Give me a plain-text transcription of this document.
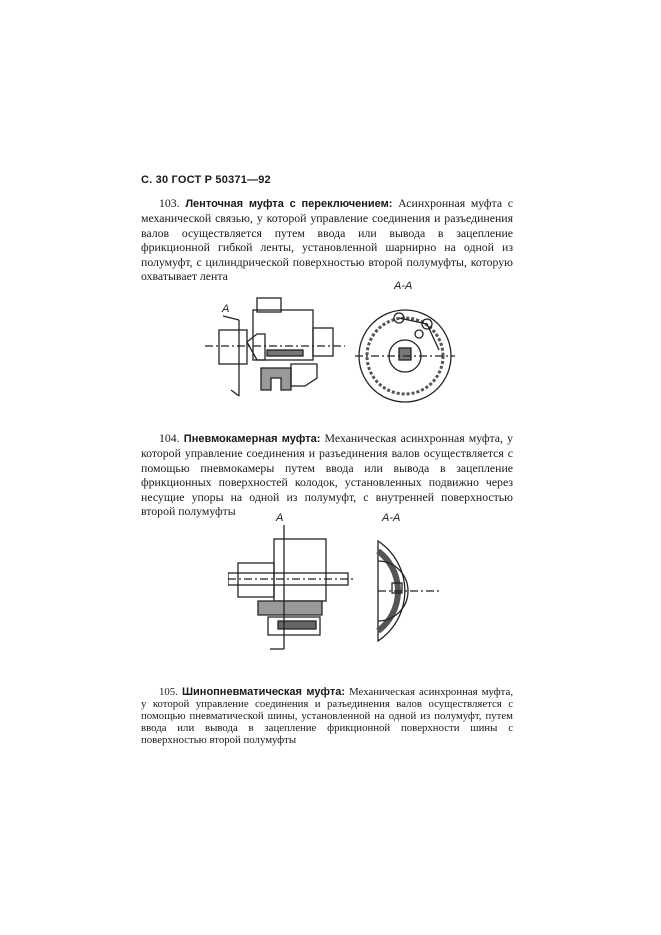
С. 30 ГОСТ Р 50371—92
103. Ленточная муфта с переключением: Асинхронная муфта с механической связью, у которой управление соединения и разъединения валов осуществляется путем ввода или вывода в зацепление фрикционной гибкой ленты, установленной шарнирно на одной из полумуфт, с цилиндрической поверхностью второй полумуфты, которую охватывает лента
A
А-А
104. Пневмокамерная муфта: Механическая асинхронная муфта, у которой управление соединения и разъединения валов осуществляется с помощью пневмокамеры путем ввода или вывода в зацепление фрикционных поверхностей колодок, установленных подвижно через несущие упоры на одной из полумуфт, с внутренней поверхностью второй полумуфты	A	А-А
105. Шинопневматическая муфта: Механическая асинхронная муфта, у которой управление соединения и разъединения валов осуществляется с помощью пневматической шины, установленной на одной из полумуфт, путем ввода или вывода в зацепление фрикционной поверхности шины с поверхностью второй полумуфты
